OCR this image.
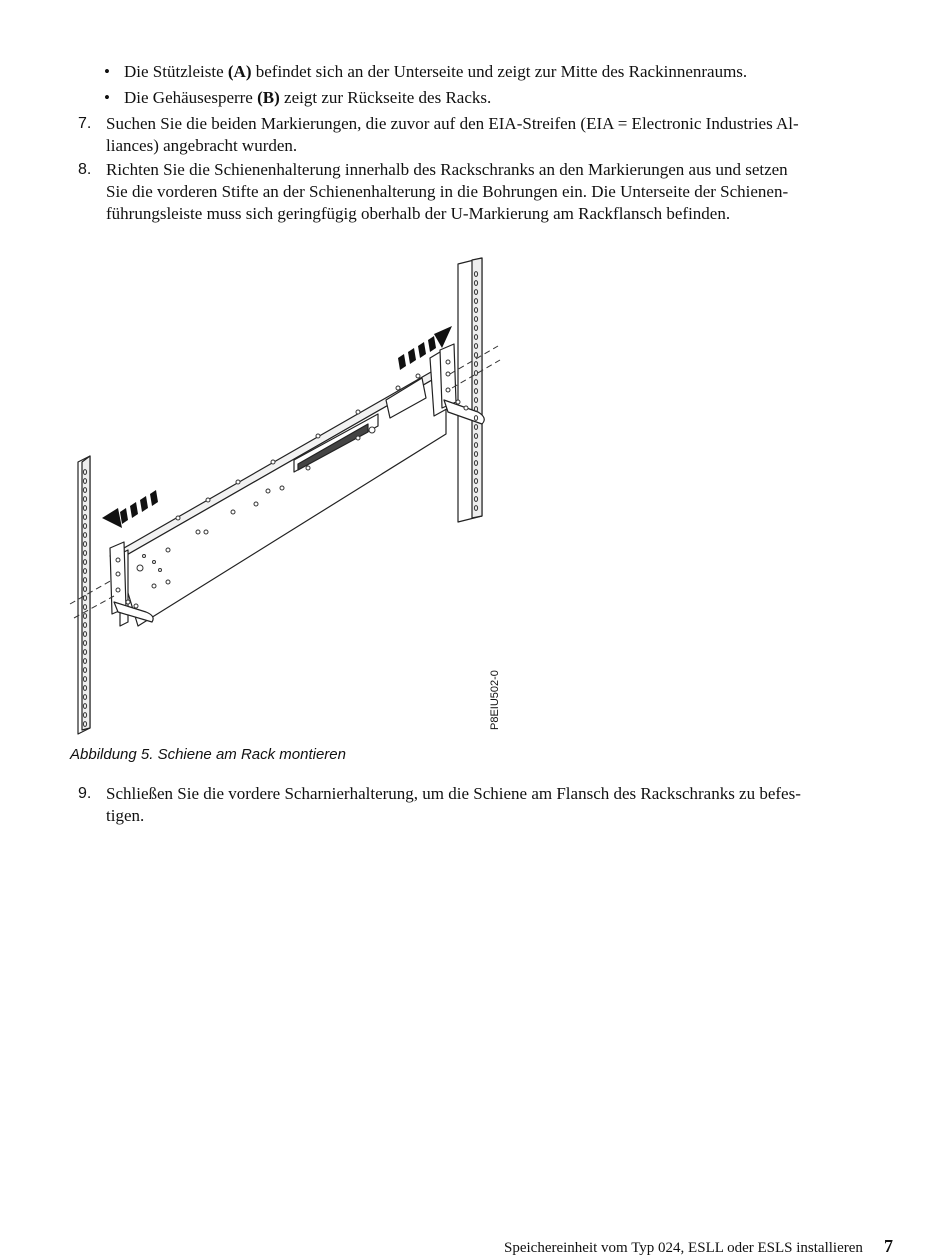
• Die Stützleiste (A) befindet sich an der Unterseite und zeigt zur Mitte des Rackinnenraums.
• Die Gehäusesperre (B) zeigt zur Rückseite des Racks.
7. Suchen Sie die beiden Markierungen, die zuvor auf den EIA-Streifen (EIA = Electronic Industries Al-
liances) angebracht wurden.
8. Richten Sie die Schienenhalterung innerhalb des Rackschranks an den Markierungen aus und setzen
Sie die vorderen Stifte an der Schienenhalterung in die Bohrungen ein. Die Unterseite der Schienen-
führungsleiste muss sich geringfügig oberhalb der U-Markierung am Rackflansch befinden.
9. Schließen Sie die vordere Scharnierhalterung, um die Schiene am Flansch des Rackschranks zu befes-
tigen.
P8EIU502-0
Abbildung 5. Schiene am Rack montieren
Speichereinheit vom Typ 024, ESLL oder ESLS installieren 7
